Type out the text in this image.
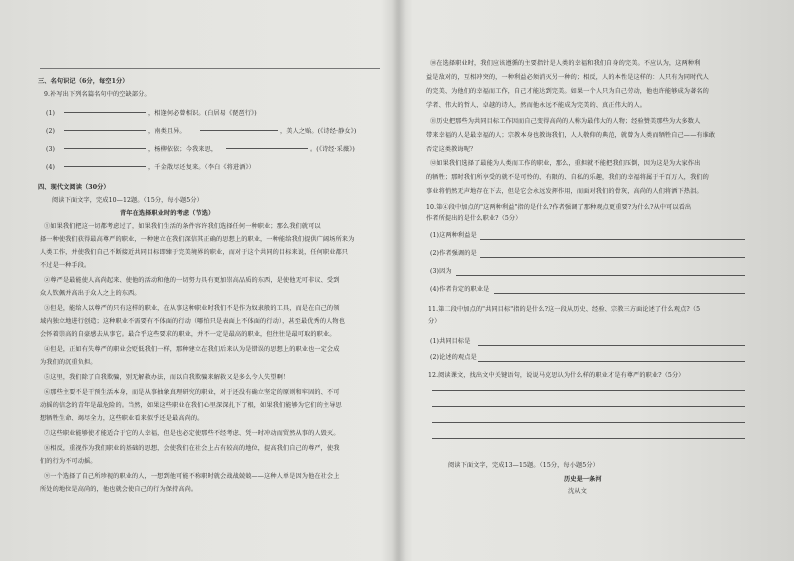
三、名句识记（6分，每空1分）
9.补写出下列名篇名句中的空缺部分。
(1)	，相逢何必曾相识。(白居易《琵琶行》)
(2)	，南类且异。	，美人之贻。(《诗经·静女》)
(3)	，杨柳依依；今我来思，	。(《诗经·采薇》)
(4)	，千金散尽还复来。（李白《将进酒》）
四、现代文阅读（30分）
阅读下面文字，完成10—12题。（15分，每小题5分）
青年在选择职业时的考虑（节选）
①如果我们把这一切都考虑过了，如果我们生活的条件容许我们选择任何一种职业；那么我们就可以
择一种使我们获得最高尊严的职业，一种建立在我们深信其正确的思想上的职业，一种能给我们提供广阔场所来为
人类工作，并使我们自己不断接近共同目标即臻于完美境界的职业，而对于这个共同的目标来说，任何职业都只
不过是一种手段。
②尊严是最能使人高尚起来、使他的活动和他的一切努力具有更加崇高品质的东西，是使他无可非议、受到
众人钦佩并高出于众人之上的东西。
③但是，能给人以尊严的只有这样的职业，在从事这种职业时我们不是作为奴隶般的工具，而是在自己的领
域内独立地进行创造；这种职业不需要有不体面的行动（哪怕只是表面上不体面的行动），甚至最优秀的人物也
会怀着崇高的自豪感去从事它。最合乎这些要求的职业，并不一定是最高的职业，但往往是最可取的职业。
④但是，正如有失尊严的职业会贬低我们一样，那种建立在我们后来认为是错误的思想上的职业也一定会成
为我们的沉重负担。
⑤这里，我们除了自我欺骗，别无解救办法，而以自我欺骗来解救又是多么令人失望啊！
⑥那些主要不是干预生活本身，而是从事抽象真理研究的职业，对于还没有确立坚定的原则和牢固的、不可
动摇的信念的青年是最危险的。当然，如果这些职业在我们心里深深扎下了根，如果我们能够为它们的主导思
想牺牲生命、竭尽全力，这些职业看来似乎还是最高尚的。
⑦这些职业能够使才能适合于它的人幸福，但是也必定使那些不经考虑、凭一时冲动而贸然从事的人毁灭。
⑧相反，重视作为我们职业的基础的思想，会使我们在社会上占有较高的地位，提高我们自己的尊严，使我
们的行为不可动摇。
⑨一个选择了自己所珍视的职业的人，一想到他可能不称职时就会战战兢兢——这种人单是因为他在社会上
所处的地位是高尚的，他也就会使自己的行为保持高尚。
⑩在选择职业时，我们应该遵循的主要指针是人类的幸福和我们自身的完美。不应认为，这两种利
益是敌对的，互相冲突的，一种利益必须消灭另一种的；相反，人的本性是这样的：人只有为同时代人
的完美、为他们的幸福而工作，自己才能达到完美。如果一个人只为自己劳动，他也许能够成为著名的
学者、伟大的哲人、卓越的诗人，然而他永远不能成为完美的、真正伟大的人。
⑪历史把那些为共同目标工作因而自己变得高尚的人称为最伟大的人物；经验赞美那些为大多数人
带来幸福的人是最幸福的人；宗教本身也教诲我们，人人敬仰的典范，就曾为人类而牺牲自己——有谁敢
否定这类教诲呢？
⑫如果我们选择了最能为人类而工作的职业，那么，重担就不能把我们压倒，因为这是为大家作出
的牺牲；那时我们所享受的就不是可怜的、有限的、自私的乐趣，我们的幸福将属于千百万人，我们的
事业将悄然无声地存在下去，但是它会永远发挥作用，而面对我们的骨灰，高尚的人们将洒下热泪。
10.第④段中加点的"这两种利益"指的是什么?作者强调了那种观点更重要?为什么?从中可以看出
作者所提出的是什么职业?（5分）
(1)这两种利益是
(2)作者强调的是
(3)因为
(4)作者肯定的职业是
11.第二段中加点的"共同目标"指的是什么?这一段从历史、经验、宗教三方面论述了什么观点?（5
分）
(1)共同目标是
(2)论述的观点是
12.阅读课文，找出文中关键语句，说说马克思认为什么样的职业才是有尊严的职业?（5分）
阅读下面文字，完成13—15题。（15分，每小题5分）
历史是一条河
沈从文
